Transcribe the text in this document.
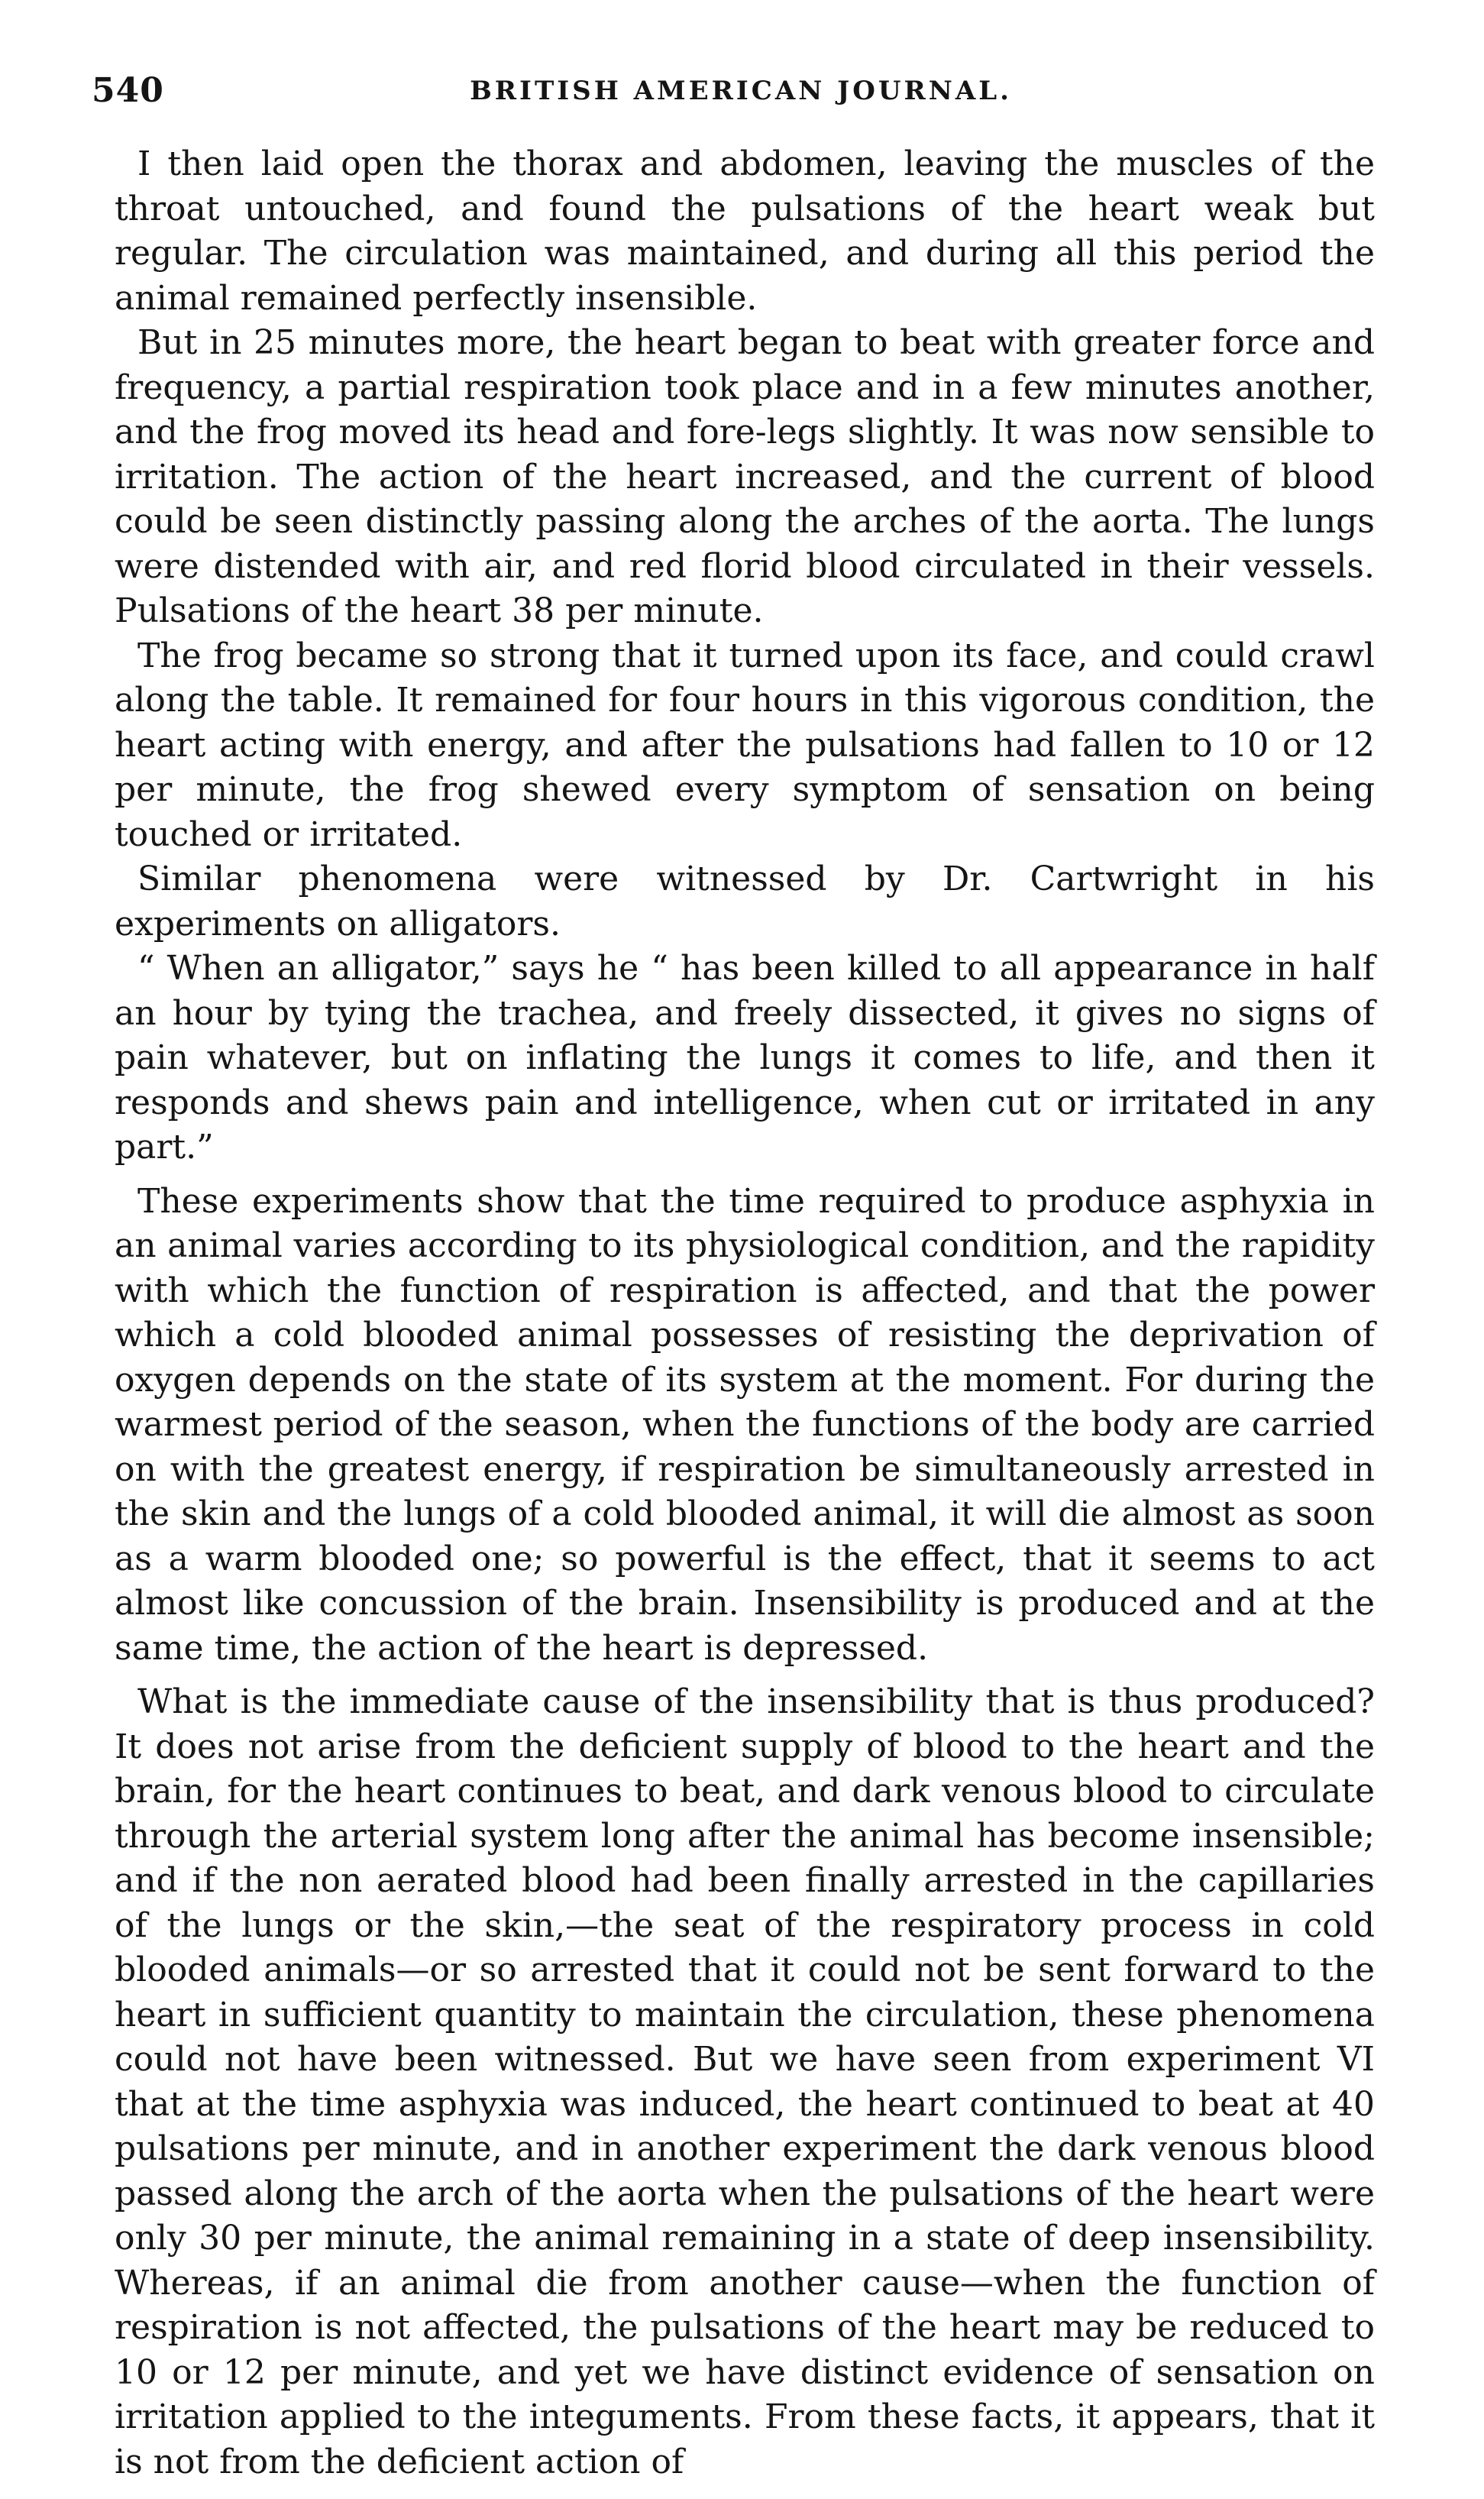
540	BRITISH AMERICAN JOURNAL.

I then laid open the thorax and abdomen, leaving the muscles of the throat untouched, and found the pulsations of the heart weak but regular. The circulation was maintained, and during all this period the animal remained perfectly insensible.

But in 25 minutes more, the heart began to beat with greater force and frequency, a partial respiration took place and in a few minutes another, and the frog moved its head and fore-legs slightly. It was now sensible to irritation. The action of the heart increased, and the current of blood could be seen distinctly passing along the arches of the aorta. The lungs were distended with air, and red florid blood circulated in their vessels. Pulsations of the heart 38 per minute.

The frog became so strong that it turned upon its face, and could crawl along the table. It remained for four hours in this vigorous condition, the heart acting with energy, and after the pulsations had fallen to 10 or 12 per minute, the frog shewed every symptom of sensation on being touched or irritated.

Similar phenomena were witnessed by Dr. Cartwright in his experiments on alligators.

“ When an alligator,” says he “ has been killed to all appearance in half an hour by tying the trachea, and freely dissected, it gives no signs of pain whatever, but on inflating the lungs it comes to life, and then it responds and shews pain and intelligence, when cut or irritated in any part.”

These experiments show that the time required to produce asphyxia in an animal varies according to its physiological condition, and the rapidity with which the function of respiration is affected, and that the power which a cold blooded animal possesses of resisting the deprivation of oxygen depends on the state of its system at the moment. For during the warmest period of the season, when the functions of the body are carried on with the greatest energy, if respiration be simultaneously arrested in the skin and the lungs of a cold blooded animal, it will die almost as soon as a warm blooded one; so powerful is the effect, that it seems to act almost like concussion of the brain. Insensibility is produced and at the same time, the action of the heart is depressed.

What is the immediate cause of the insensibility that is thus produced? It does not arise from the deficient supply of blood to the heart and the brain, for the heart continues to beat, and dark venous blood to circulate through the arterial system long after the animal has become insensible; and if the non aerated blood had been finally arrested in the capillaries of the lungs or the skin,—the seat of the respiratory process in cold blooded animals—or so arrested that it could not be sent forward to the heart in sufficient quantity to maintain the circulation, these phenomena could not have been witnessed. But we have seen from experiment VI that at the time asphyxia was induced, the heart continued to beat at 40 pulsations per minute, and in another experiment the dark venous blood passed along the arch of the aorta when the pulsations of the heart were only 30 per minute, the animal remaining in a state of deep insensibility. Whereas, if an animal die from another cause—when the function of respiration is not affected, the pulsations of the heart may be reduced to 10 or 12 per minute, and yet we have distinct evidence of sensation on irritation applied to the integuments. From these facts, it appears, that it is not from the deficient action of
